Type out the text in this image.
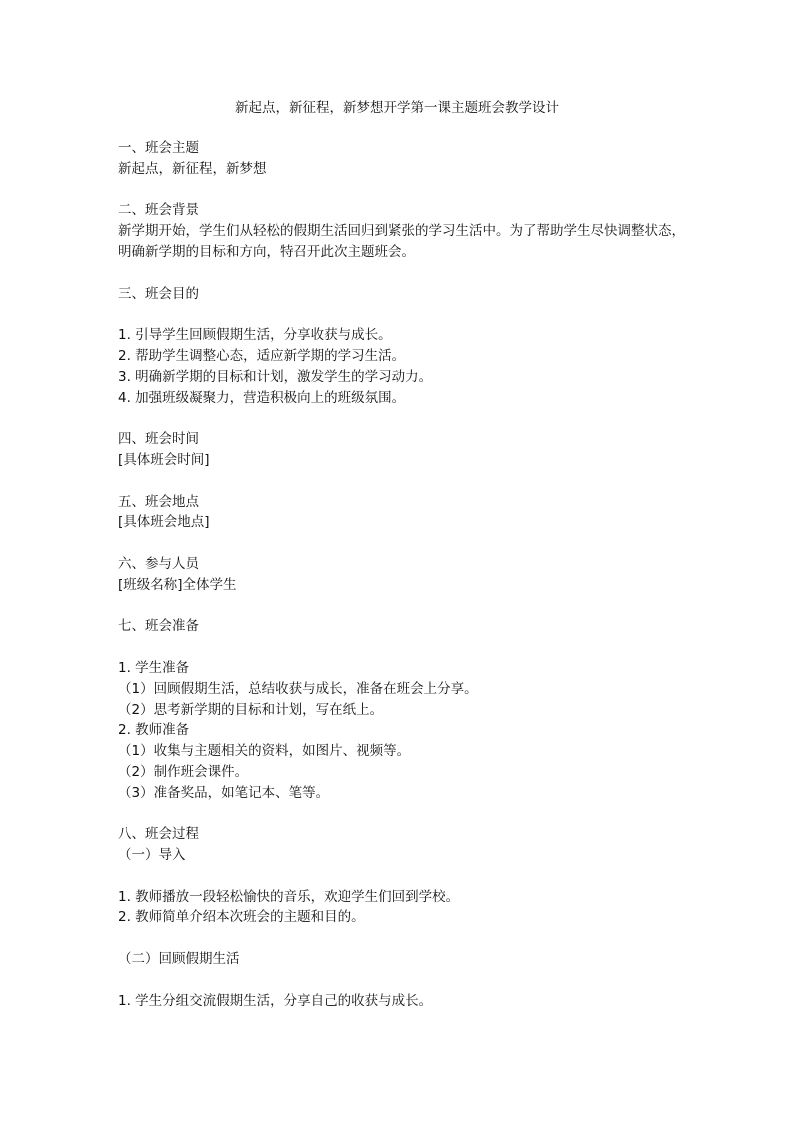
新起点，新征程，新梦想开学第一课主题班会教学设计
一、班会主题
新起点，新征程，新梦想
二、班会背景
新学期开始，学生们从轻松的假期生活回归到紧张的学习生活中。为了帮助学生尽快调整状态，明确新学期的目标和方向，特召开此次主题班会。
三、班会目的
1. 引导学生回顾假期生活，分享收获与成长。
2. 帮助学生调整心态，适应新学期的学习生活。
3. 明确新学期的目标和计划，激发学生的学习动力。
4. 加强班级凝聚力，营造积极向上的班级氛围。
四、班会时间
[具体班会时间]
五、班会地点
[具体班会地点]
六、参与人员
[班级名称]全体学生
七、班会准备
1. 学生准备
（1）回顾假期生活，总结收获与成长，准备在班会上分享。
（2）思考新学期的目标和计划，写在纸上。
2. 教师准备
（1）收集与主题相关的资料，如图片、视频等。
（2）制作班会课件。
（3）准备奖品，如笔记本、笔等。
八、班会过程
（一）导入
1. 教师播放一段轻松愉快的音乐，欢迎学生们回到学校。
2. 教师简单介绍本次班会的主题和目的。
（二）回顾假期生活
1. 学生分组交流假期生活，分享自己的收获与成长。
